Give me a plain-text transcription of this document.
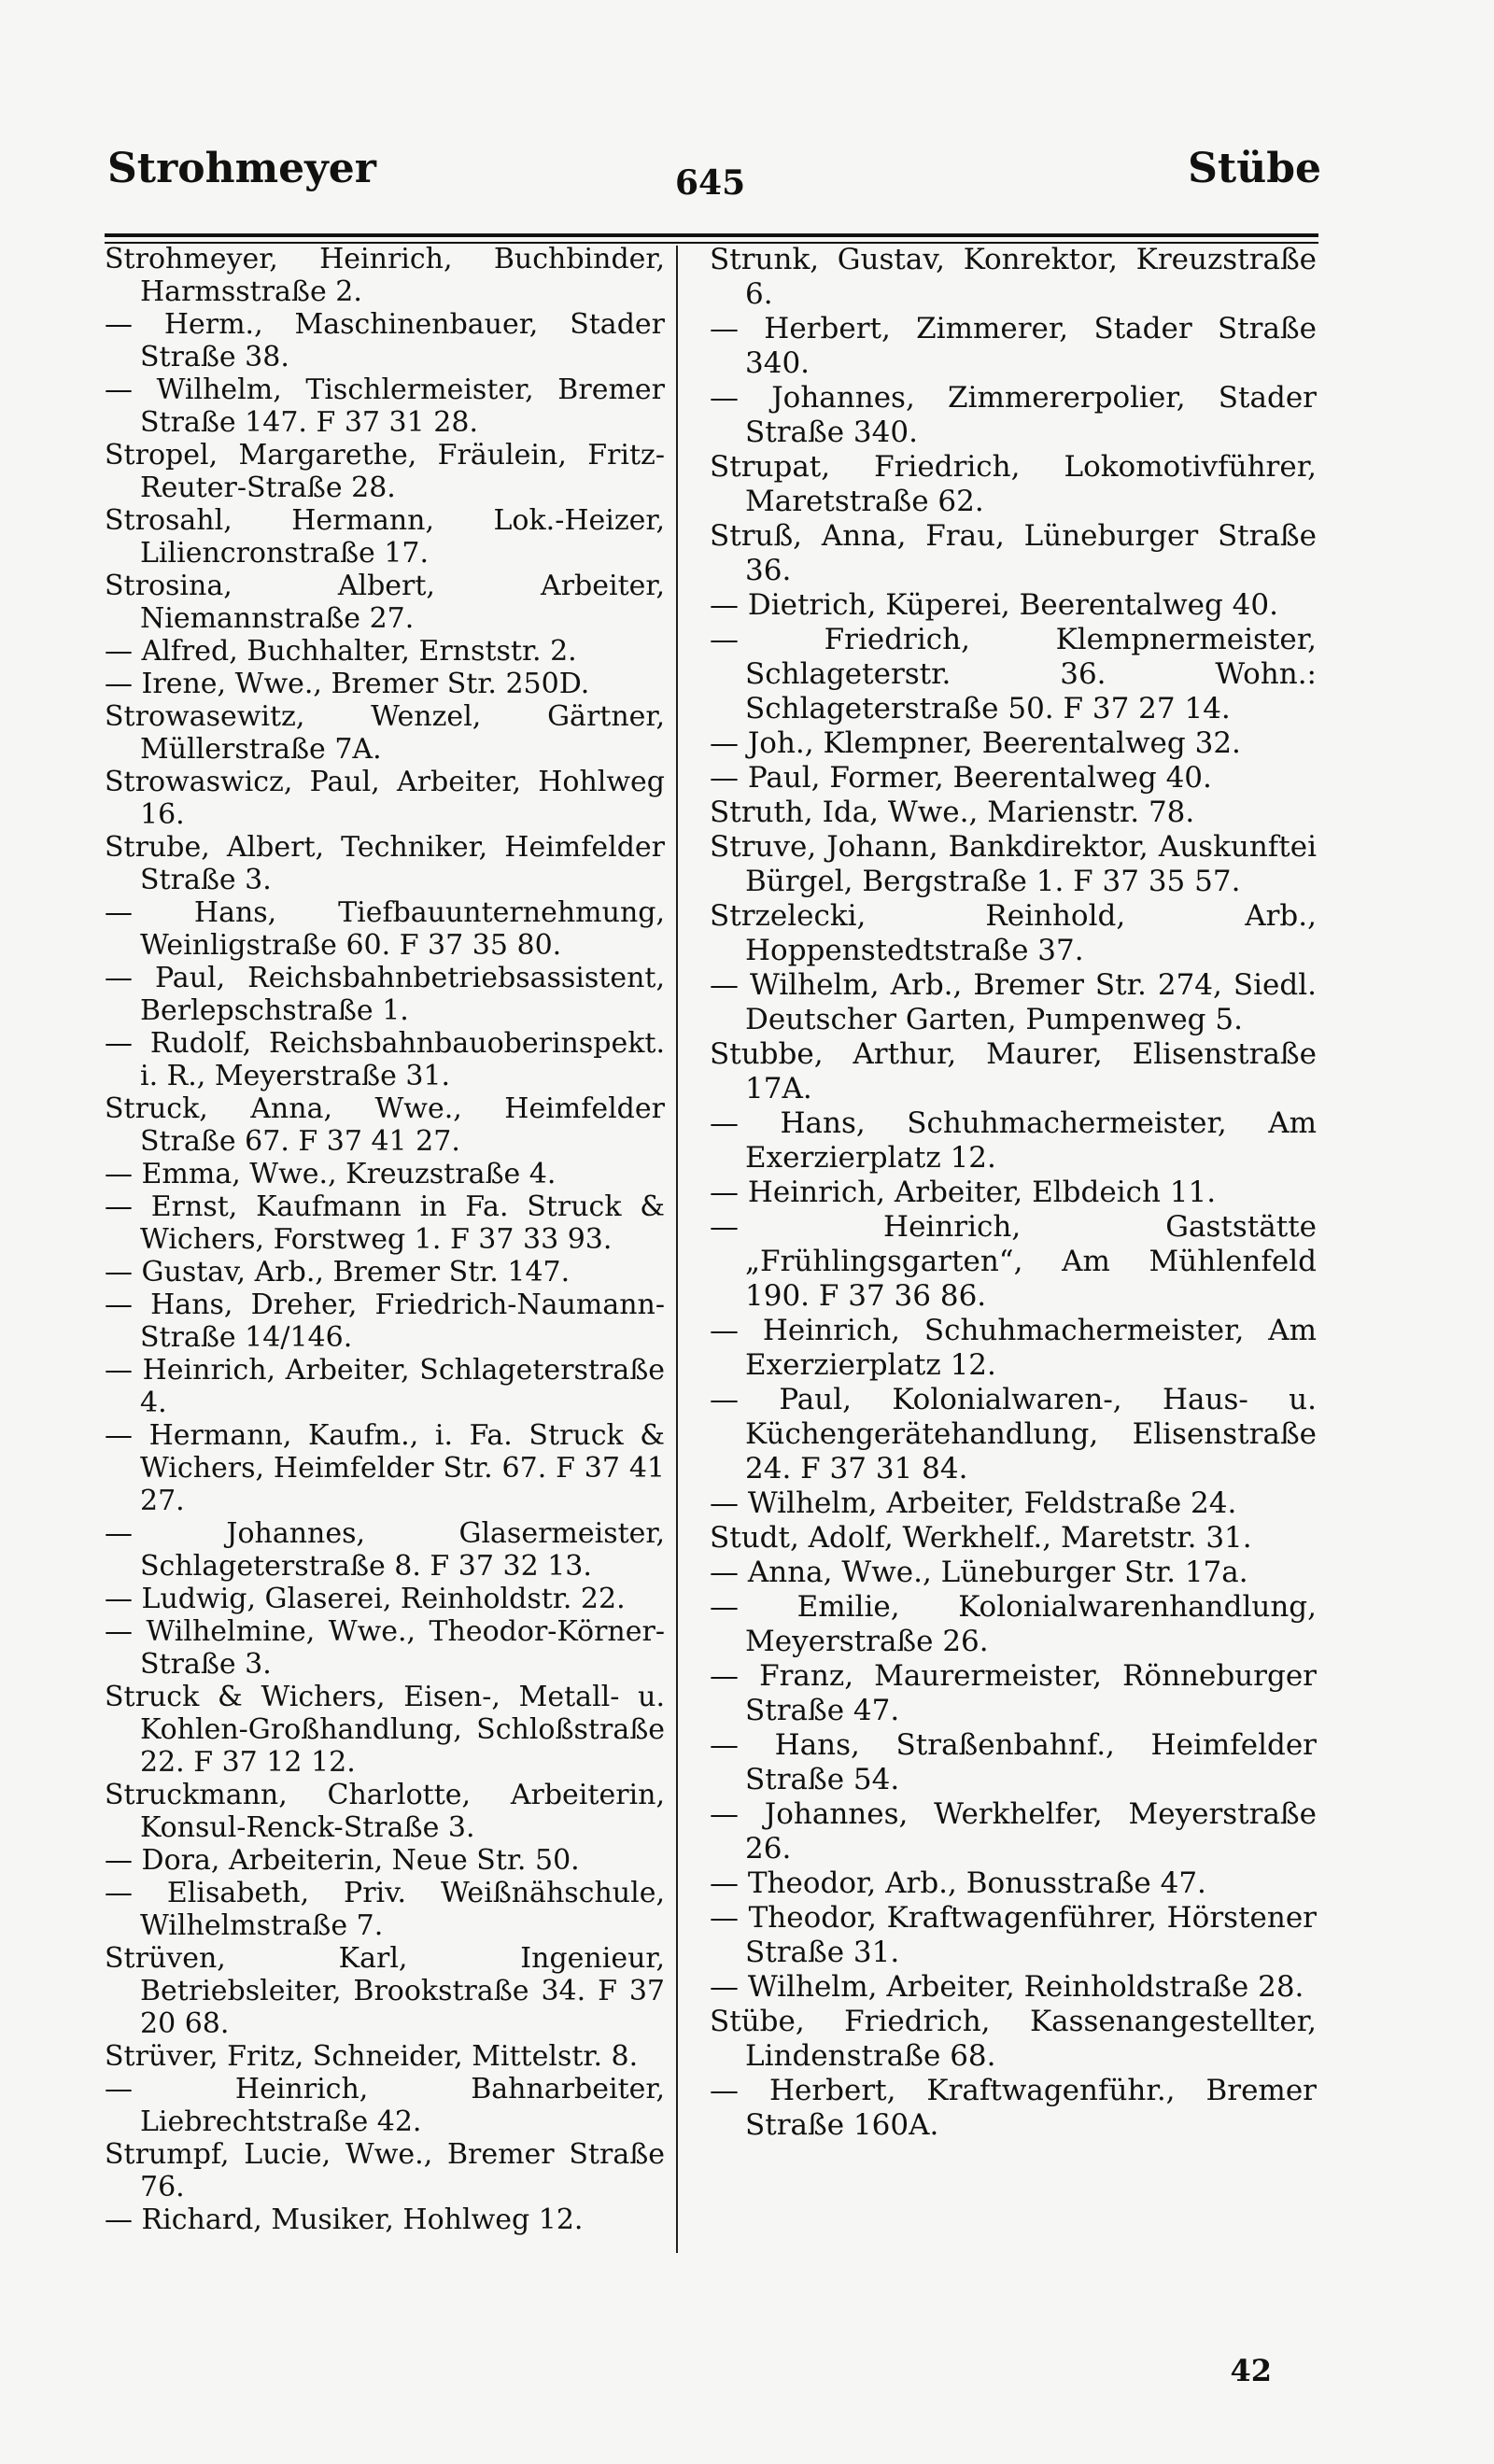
Strohmeyer	645	Stübe

Strohmeyer, Heinrich, Buchbinder, Harmsstraße 2.

— Herm., Maschinenbauer, Stader Straße 38.

— Wilhelm, Tischlermeister, Bremer Straße 147. F 37 31 28.

Stropel, Margarethe, Fräulein, Fritz-Reuter-Straße 28.

Strosahl, Hermann, Lok.-Heizer, Liliencronstraße 17.

Strosina, Albert, Arbeiter, Niemannstraße 27.

— Alfred, Buchhalter, Ernststr. 2.

— Irene, Wwe., Bremer Str. 250D.

Strowasewitz, Wenzel, Gärtner, Müllerstraße 7A.

Strowaswicz, Paul, Arbeiter, Hohlweg 16.

Strube, Albert, Techniker, Heimfelder Straße 3.

— Hans, Tiefbauunternehmung, Weinligstraße 60. F 37 35 80.

— Paul, Reichsbahnbetriebsassistent, Berlepschstraße 1.

— Rudolf, Reichsbahnbauoberinspekt. i. R., Meyerstraße 31.

Struck, Anna, Wwe., Heimfelder Straße 67. F 37 41 27.

— Emma, Wwe., Kreuzstraße 4.

— Ernst, Kaufmann in Fa. Struck & Wichers, Forstweg 1. F 37 33 93.

— Gustav, Arb., Bremer Str. 147.

— Hans, Dreher, Friedrich-Naumann-Straße 14/146.

— Heinrich, Arbeiter, Schlageterstraße 4.

— Hermann, Kaufm., i. Fa. Struck & Wichers, Heimfelder Str. 67. F 37 41 27.

— Johannes, Glasermeister, Schlageterstraße 8. F 37 32 13.

— Ludwig, Glaserei, Reinholdstr. 22.

— Wilhelmine, Wwe., Theodor-Körner-Straße 3.

Struck & Wichers, Eisen-, Metall- u. Kohlen-Großhandlung, Schloßstraße 22. F 37 12 12.

Struckmann, Charlotte, Arbeiterin, Konsul-Renck-Straße 3.

— Dora, Arbeiterin, Neue Str. 50.

— Elisabeth, Priv. Weißnähschule, Wilhelmstraße 7.

Strüven, Karl, Ingenieur, Betriebsleiter, Brookstraße 34. F 37 20 68.

Strüver, Fritz, Schneider, Mittelstr. 8.

— Heinrich, Bahnarbeiter, Liebrechtstraße 42.

Strumpf, Lucie, Wwe., Bremer Straße 76.

— Richard, Musiker, Hohlweg 12.

Strunk, Gustav, Konrektor, Kreuzstraße 6.

— Herbert, Zimmerer, Stader Straße 340.

— Johannes, Zimmererpolier, Stader Straße 340.

Strupat, Friedrich, Lokomotivführer, Maretstraße 62.

Struß, Anna, Frau, Lüneburger Straße 36.

— Dietrich, Küperei, Beerentalweg 40.

— Friedrich, Klempnermeister, Schlageterstr. 36. Wohn.: Schlageterstraße 50. F 37 27 14.

— Joh., Klempner, Beerentalweg 32.

— Paul, Former, Beerentalweg 40.

Struth, Ida, Wwe., Marienstr. 78.

Struve, Johann, Bankdirektor, Auskunftei Bürgel, Bergstraße 1. F 37 35 57.

Strzelecki, Reinhold, Arb., Hoppenstedtstraße 37.

— Wilhelm, Arb., Bremer Str. 274, Siedl. Deutscher Garten, Pumpenweg 5.

Stubbe, Arthur, Maurer, Elisenstraße 17A.

— Hans, Schuhmachermeister, Am Exerzierplatz 12.

— Heinrich, Arbeiter, Elbdeich 11.

— Heinrich, Gaststätte „Frühlingsgarten“, Am Mühlenfeld 190. F 37 36 86.

— Heinrich, Schuhmachermeister, Am Exerzierplatz 12.

— Paul, Kolonialwaren-, Haus- u. Küchengerätehandlung, Elisenstraße 24. F 37 31 84.

— Wilhelm, Arbeiter, Feldstraße 24.

Studt, Adolf, Werkhelf., Maretstr. 31.

— Anna, Wwe., Lüneburger Str. 17a.

— Emilie, Kolonialwarenhandlung, Meyerstraße 26.

— Franz, Maurermeister, Rönneburger Straße 47.

— Hans, Straßenbahnf., Heimfelder Straße 54.

— Johannes, Werkhelfer, Meyerstraße 26.

— Theodor, Arb., Bonusstraße 47.

— Theodor, Kraftwagenführer, Hörstener Straße 31.

— Wilhelm, Arbeiter, Reinholdstraße 28.

Stübe, Friedrich, Kassenangestellter, Lindenstraße 68.

— Herbert, Kraftwagenführ., Bremer Straße 160A.

42
